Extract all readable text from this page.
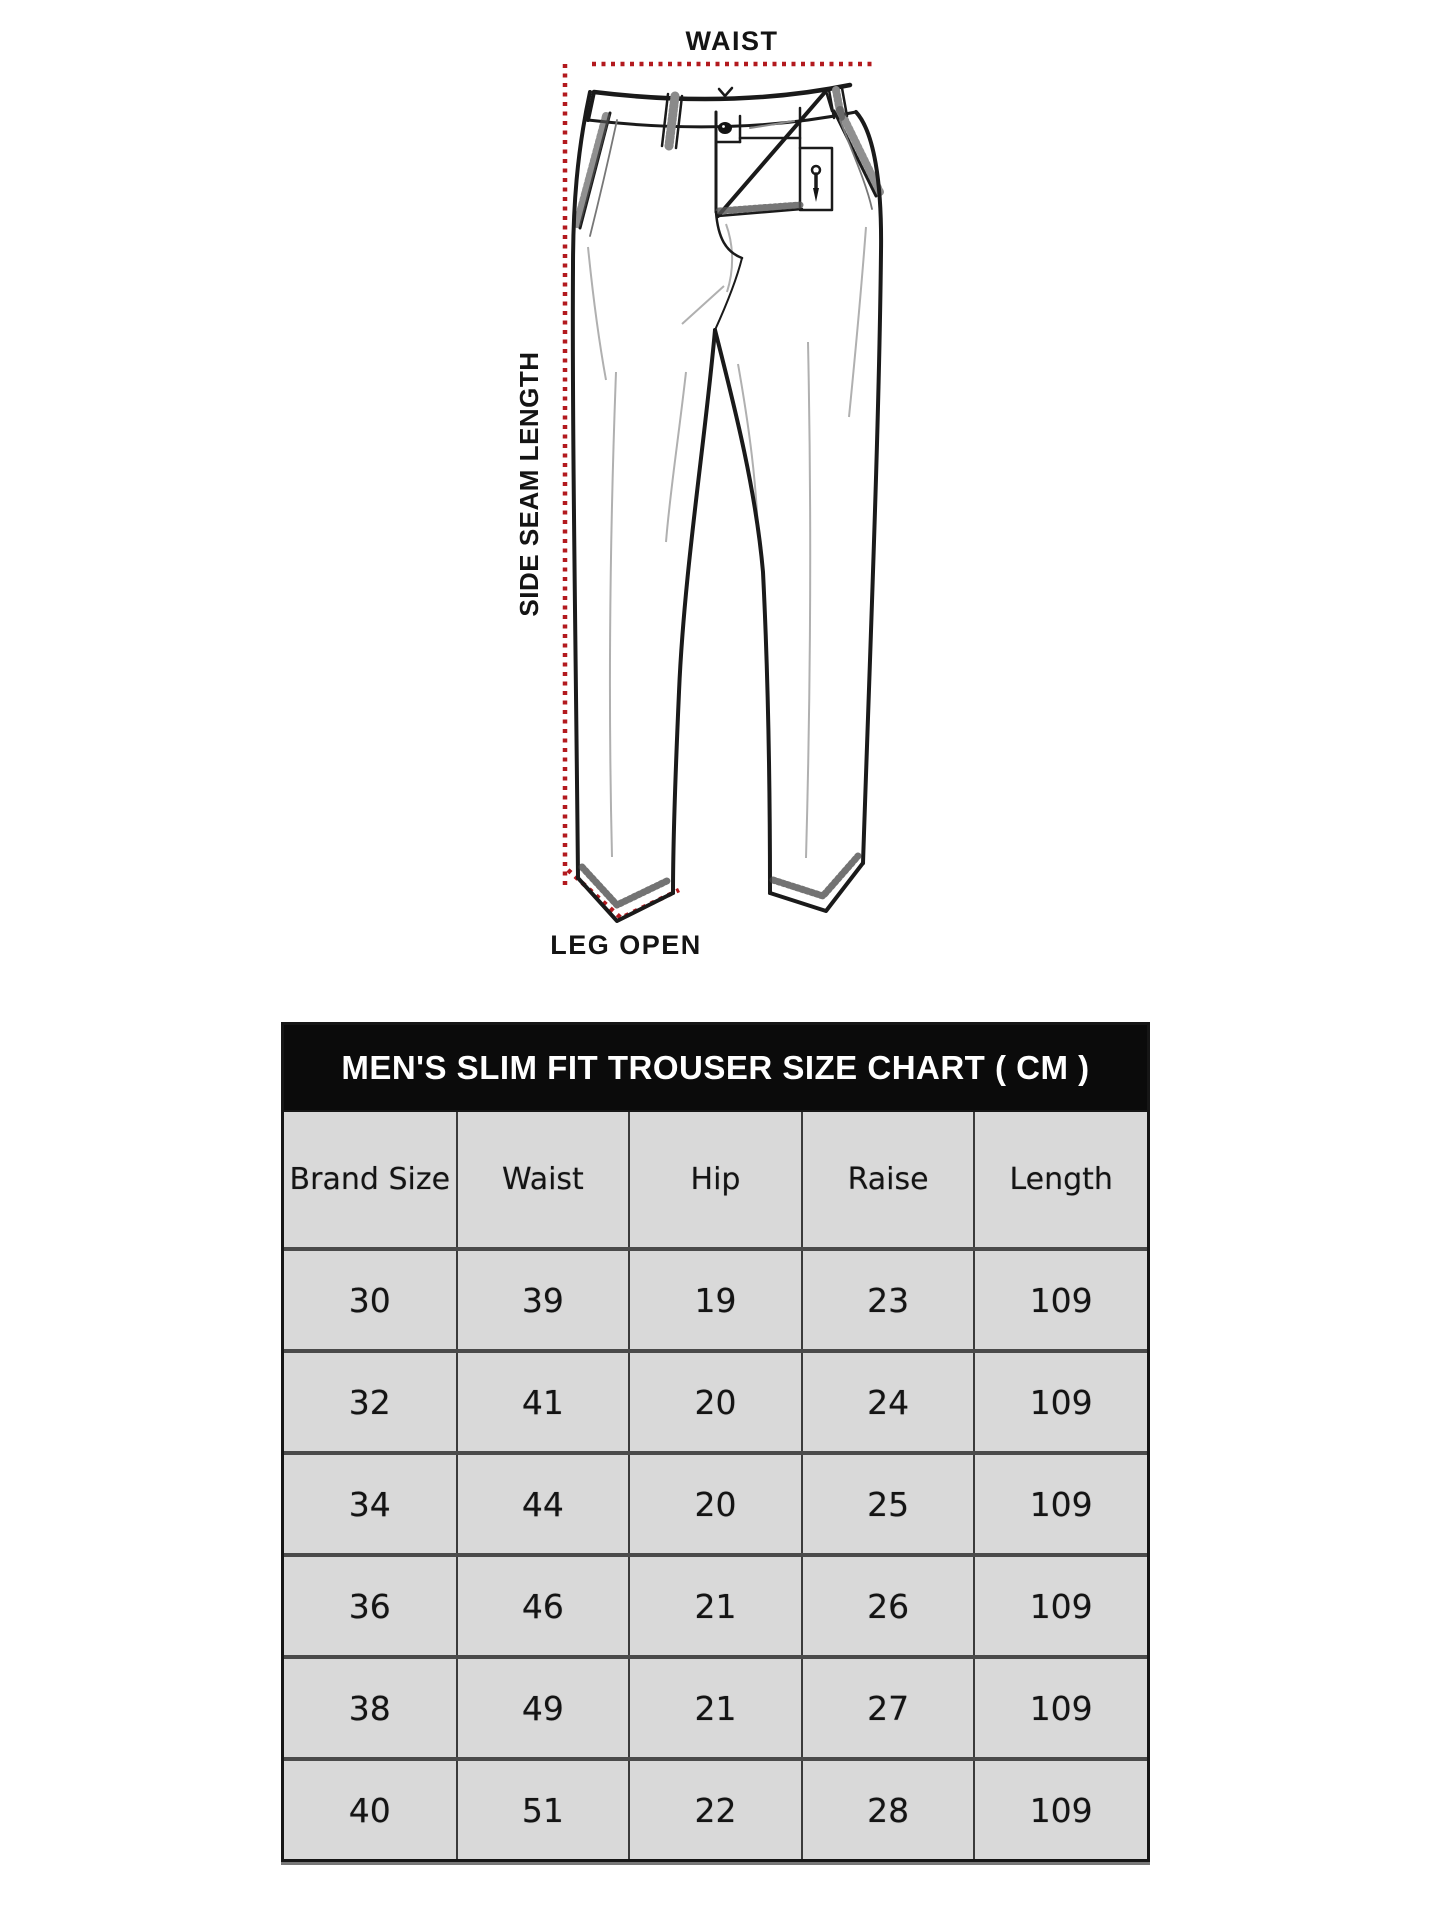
WAIST
SIDE SEAM LENGTH
LEG OPEN
MEN'S SLIM FIT TROUSER SIZE CHART ( CM )
Brand Size	Waist	Hip	Raise	Length
30	39	19	23	109
32	41	20	24	109
34	44	20	25	109
36	46	21	26	109
38	49	21	27	109
40	51	22	28	109
